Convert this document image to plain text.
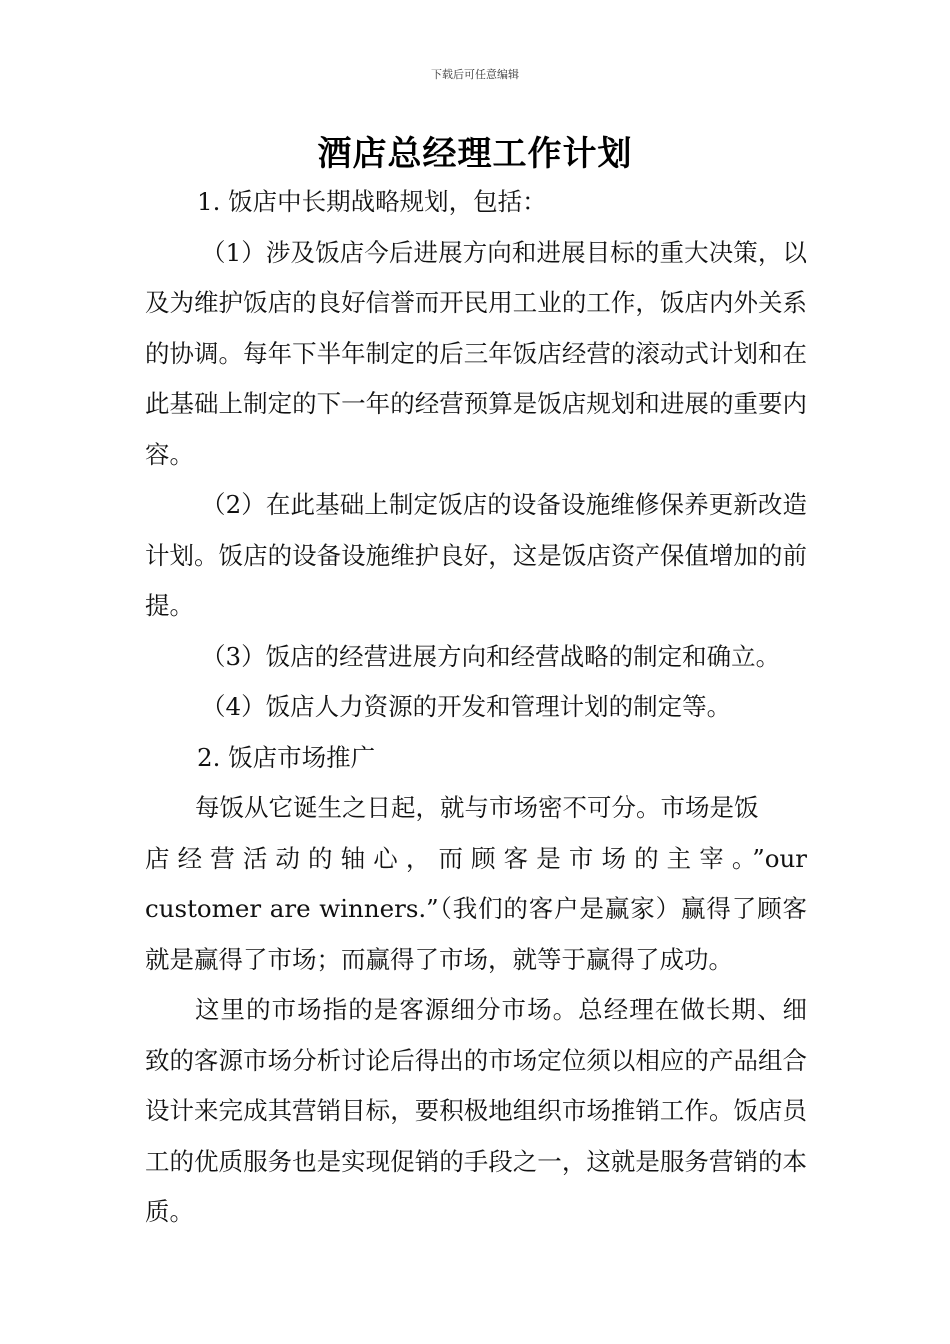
下载后可任意编辑
酒店总经理工作计划

1. 饭店中长期战略规划，包括：

（1）涉及饭店今后进展方向和进展目标的重大决策，以及为维护饭店的良好信誉而开民用工业的工作，饭店内外关系的协调。每年下半年制定的后三年饭店经营的滚动式计划和在此基础上制定的下一年的经营预算是饭店规划和进展的重要内容。

（2）在此基础上制定饭店的设备设施维修保养更新改造计划。饭店的设备设施维护良好，这是饭店资产保值增加的前提。

（3）饭店的经营进展方向和经营战略的制定和确立。

（4）饭店人力资源的开发和管理计划的制定等。

2. 饭店市场推广

每饭从它诞生之日起，就与市场密不可分。市场是饭

店经营活动的轴心，而顾客是市场的主宰。”our

customer are winners.”（我们的客户是赢家）赢得了顾客就是赢得了市场；而赢得了市场，就等于赢得了成功。

这里的市场指的是客源细分市场。总经理在做长期、细致的客源市场分析讨论后得出的市场定位须以相应的产品组合设计来完成其营销目标，要积极地组织市场推销工作。饭店员工的优质服务也是实现促销的手段之一，这就是服务营销的本质。
